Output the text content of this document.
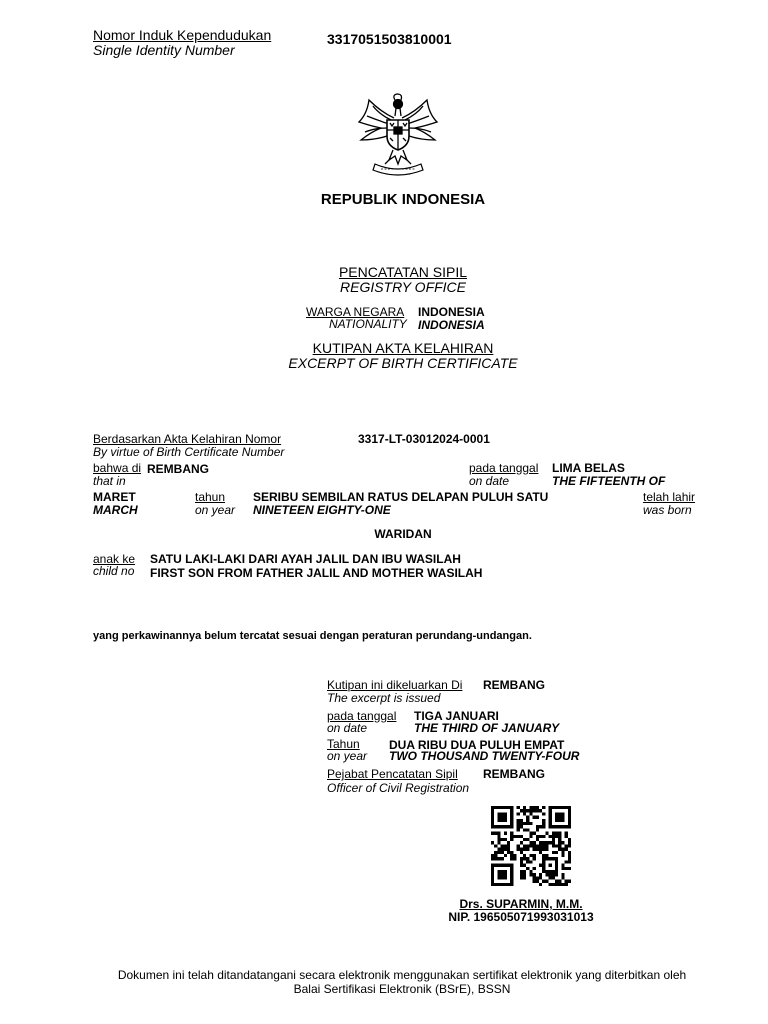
Nomor Induk Kependudukan
Single Identity Number
3317051503810001
REPUBLIK INDONESIA
PENCATATAN SIPIL
REGISTRY OFFICE
WARGA NEGARA INDONESIA
NATIONALITY INDONESIA
KUTIPAN AKTA KELAHIRAN
EXCERPT OF BIRTH CERTIFICATE
Berdasarkan Akta Kelahiran Nomor
By virtue of Birth Certificate Number
3317-LT-03012024-0001
bahwa di REMBANG
that in
pada tanggal
on date
LIMA BELAS
THE FIFTEENTH OF
MARET
MARCH
tahun
on year
SERIBU SEMBILAN RATUS DELAPAN PULUH SATU
NINETEEN EIGHTY-ONE
telah lahir
was born
WARIDAN
anak ke
child no
SATU LAKI-LAKI DARI AYAH JALIL DAN IBU WASILAH
FIRST SON FROM FATHER JALIL AND MOTHER WASILAH
yang perkawinannya belum tercatat sesuai dengan peraturan perundang-undangan.
Kutipan ini dikeluarkan Di
The excerpt is issued
REMBANG
pada tanggal
on date
TIGA JANUARI
THE THIRD OF JANUARY
Tahun
on year
DUA RIBU DUA PULUH EMPAT
TWO THOUSAND TWENTY-FOUR
Pejabat Pencatatan Sipil
Officer of Civil Registration
REMBANG
Drs. SUPARMIN, M.M.
NIP. 196505071993031013
Dokumen ini telah ditandatangani secara elektronik menggunakan sertifikat elektronik yang diterbitkan oleh
Balai Sertifikasi Elektronik (BSrE), BSSN
